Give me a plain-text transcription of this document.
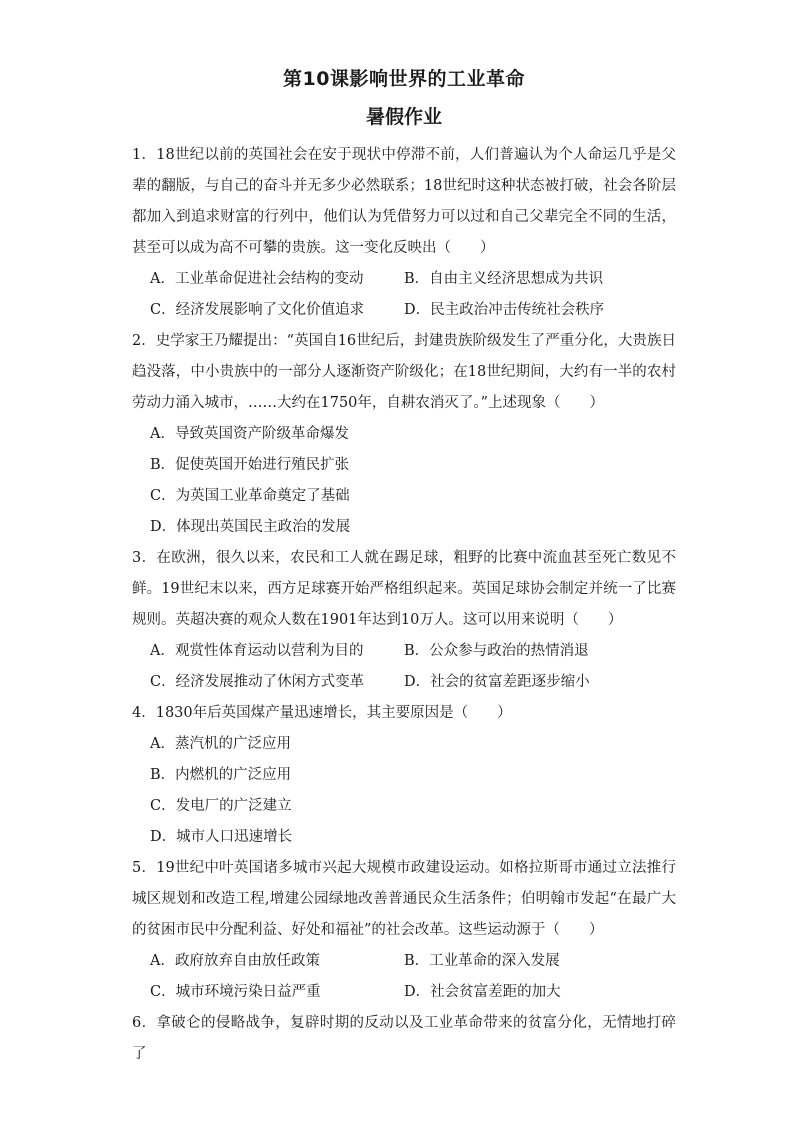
第10课影响世界的工业革命
暑假作业

1．18世纪以前的英国社会在安于现状中停滞不前，人们普遍认为个人命运几乎是父辈的翻版，与自己的奋斗并无多少必然联系；18世纪时这种状态被打破，社会各阶层都加入到追求财富的行列中，他们认为凭借努力可以过和自己父辈完全不同的生活，甚至可以成为高不可攀的贵族。这一变化反映出（　　）

A．工业革命促进社会结构的变动	B．自由主义经济思想成为共识
C．经济发展影响了文化价值追求	D．民主政治冲击传统社会秩序

2．史学家王乃耀提出：“英国自16世纪后，封建贵族阶级发生了严重分化，大贵族日趋没落，中小贵族中的一部分人逐渐资产阶级化；在18世纪期间，大约有一半的农村劳动力涌入城市，……大约在1750年，自耕农消灭了。”上述现象（　　）

A．导致英国资产阶级革命爆发
B．促使英国开始进行殖民扩张
C．为英国工业革命奠定了基础
D．体现出英国民主政治的发展

3．在欧洲，很久以来，农民和工人就在踢足球，粗野的比赛中流血甚至死亡数见不鲜。19世纪末以来，西方足球赛开始严格组织起来。英国足球协会制定并统一了比赛规则。英超决赛的观众人数在1901年达到10万人。这可以用来说明（　　）

A．观赏性体育运动以营利为目的	B．公众参与政治的热情消退
C．经济发展推动了休闲方式变革	D．社会的贫富差距逐步缩小

4．1830年后英国煤产量迅速增长，其主要原因是（　　）

A．蒸汽机的广泛应用
B．内燃机的广泛应用
C．发电厂的广泛建立
D．城市人口迅速增长

5．19世纪中叶英国诸多城市兴起大规模市政建设运动。如格拉斯哥市通过立法推行城区规划和改造工程,增建公园绿地改善普通民众生活条件；伯明翰市发起“在最广大的贫困市民中分配利益、好处和福祉”的社会改革。这些运动源于（　　）

A．政府放弃自由放任政策	B．工业革命的深入发展
C．城市环境污染日益严重	D．社会贫富差距的加大

6．拿破仑的侵略战争，复辟时期的反动以及工业革命带来的贫富分化，无情地打碎了
